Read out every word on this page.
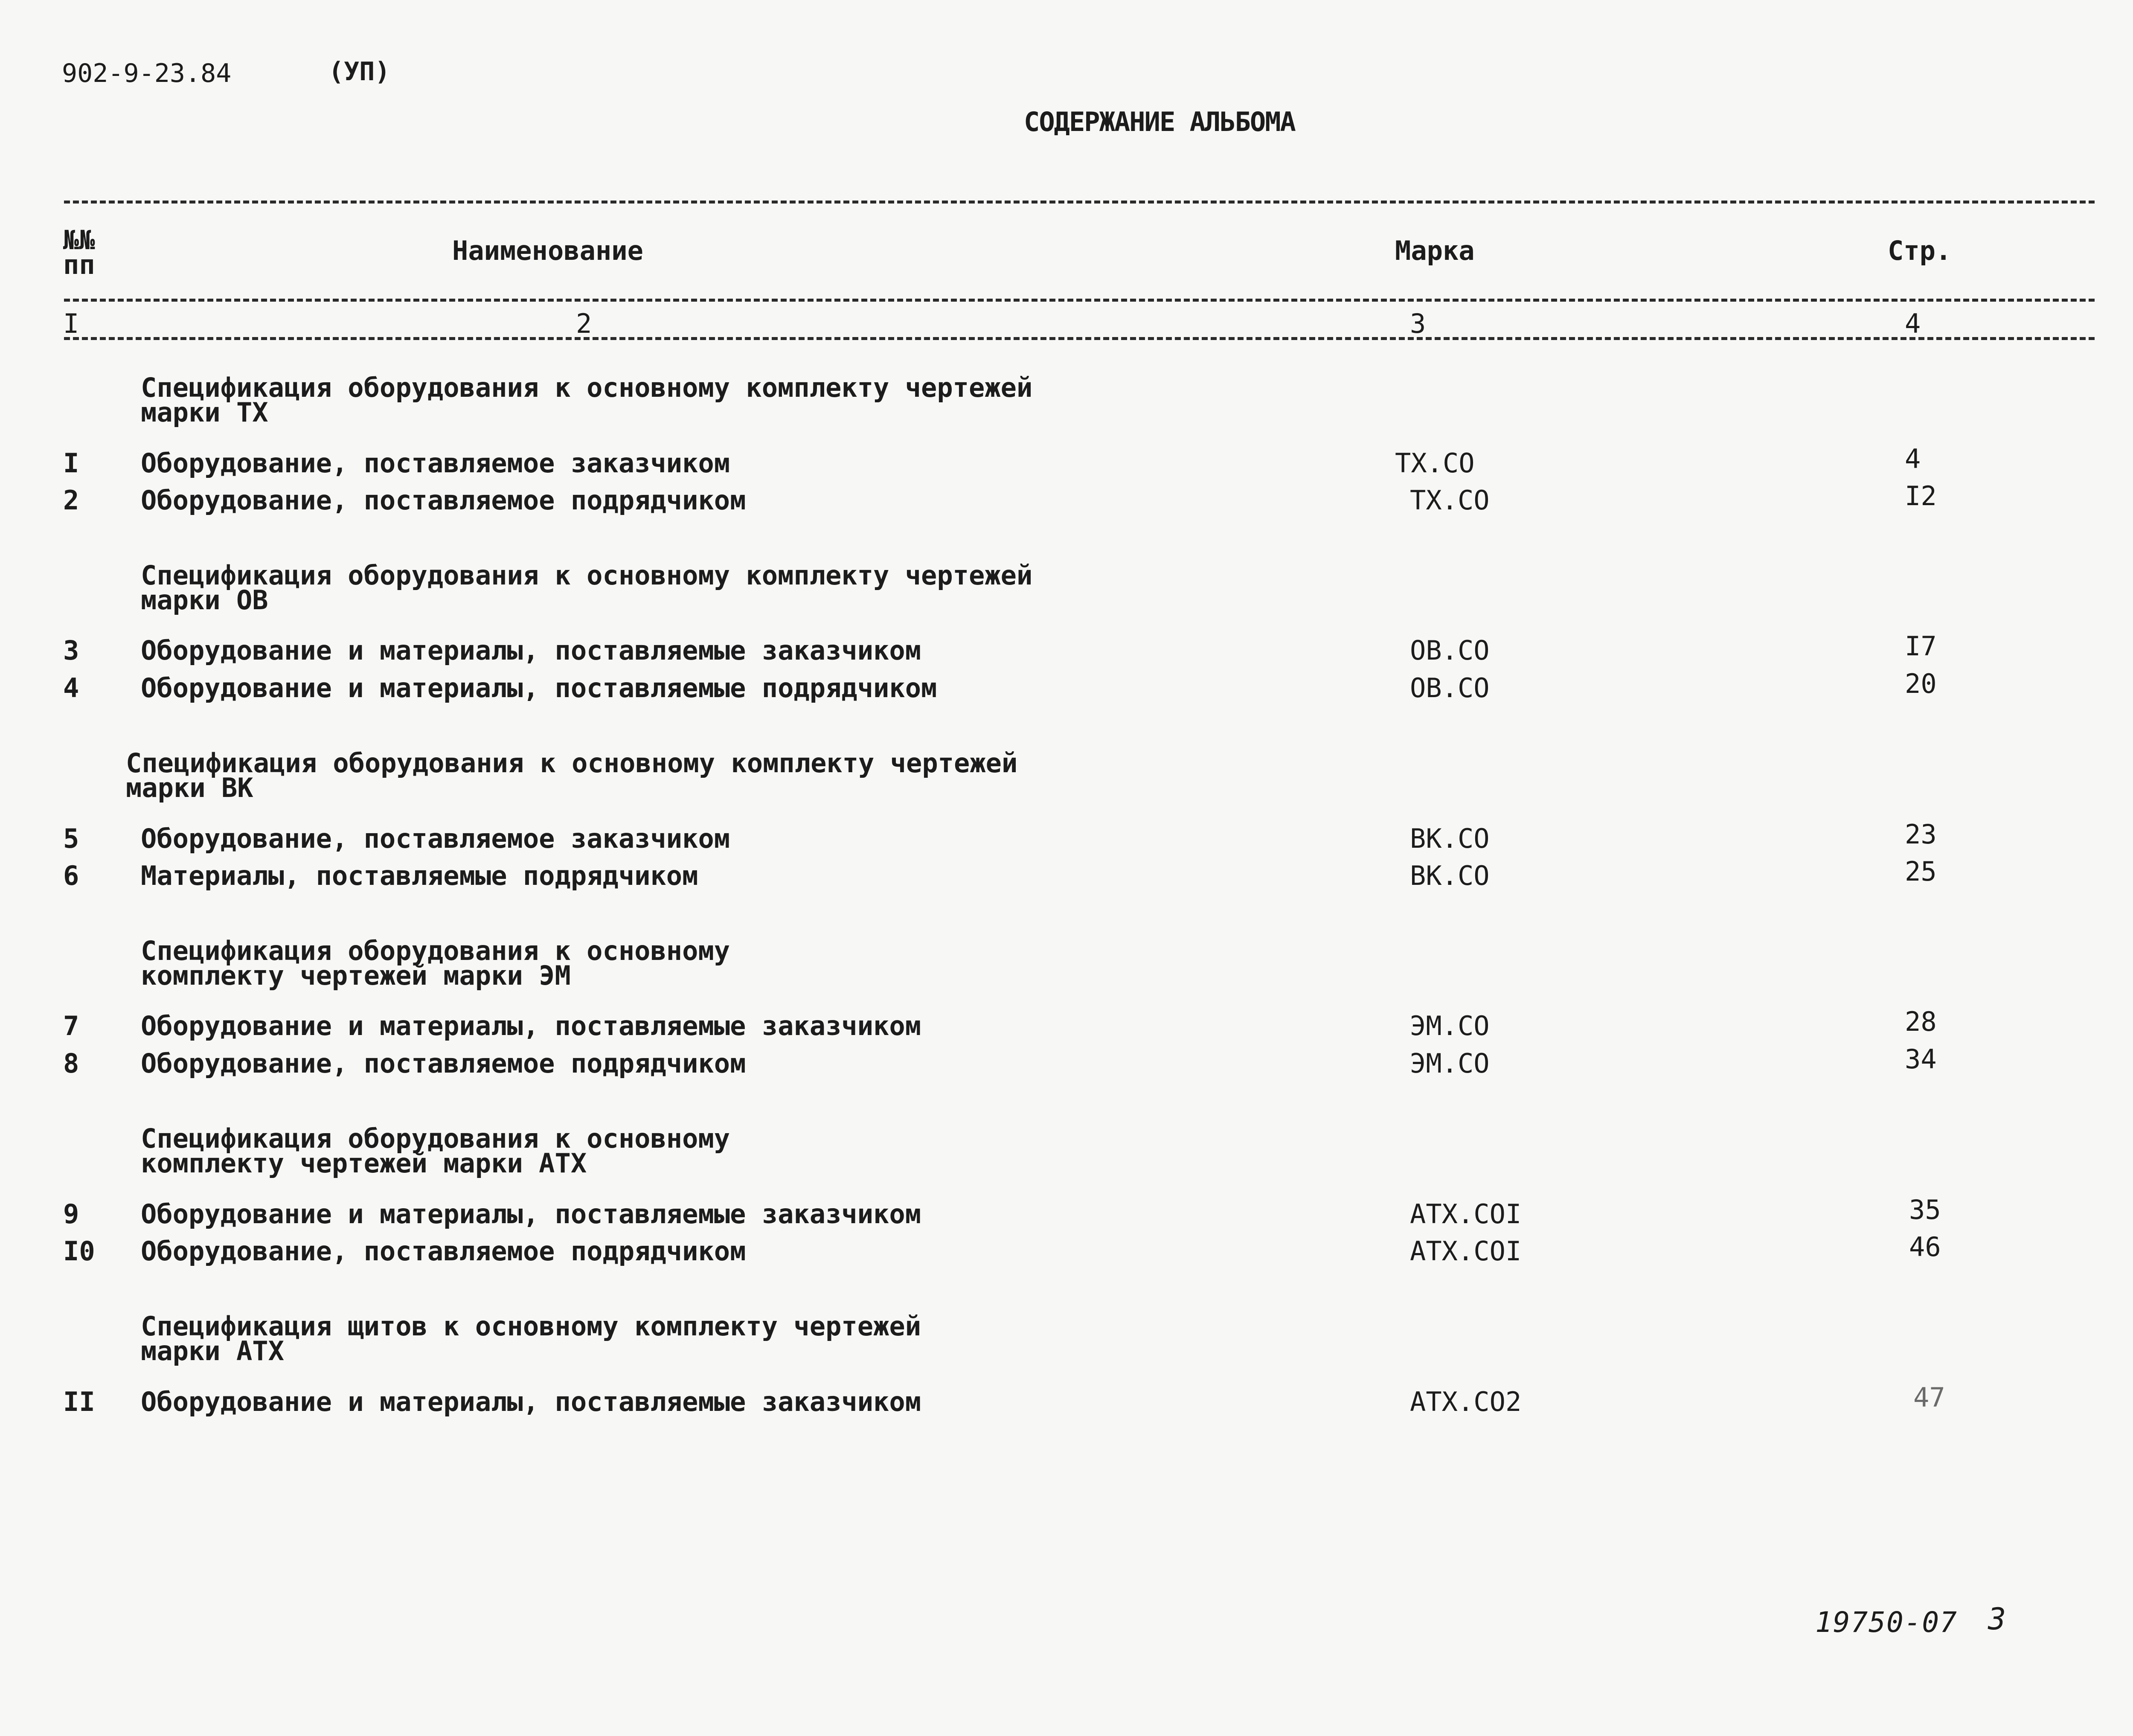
902-9-23.84	(УП)
СОДЕРЖАНИЕ АЛЬБОМА
№№
пп	Наименование	Марка	Стр.
I	2	3	4
Спецификация оборудования к основному комплекту чертежей марки ТХ
I Оборудование, поставляемое заказчиком	ТХ.СО	4
2 Оборудование, поставляемое подрядчиком	ТХ.СО	I2
Спецификация оборудования к основному комплекту чертежей марки ОВ
3 Оборудование и материалы, поставляемые заказчиком	ОВ.СО	I7
4 Оборудование и материалы, поставляемые подрядчиком	ОВ.СО	20
Спецификация оборудования к основному комплекту чертежей марки ВК
5 Оборудование, поставляемое заказчиком	ВК.СО	23
6 Материалы, поставляемые подрядчиком	ВК.СО	25
Спецификация оборудования к основному комплекту чертежей марки ЭМ
7 Оборудование и материалы, поставляемые заказчиком	ЭМ.СО	28
8 Оборудование, поставляемое подрядчиком	ЭМ.СО	34
Спецификация оборудования к основному комплекту чертежей марки АТХ
9 Оборудование и материалы, поставляемые заказчиком	АТХ.СОI	35
I0 Оборудование, поставляемое подрядчиком	АТХ.СОI	46
Спецификация щитов к основному комплекту чертежей марки АТХ
II Оборудование и материалы, поставляемые заказчиком	АТХ.СО2	47
19750-07 3
